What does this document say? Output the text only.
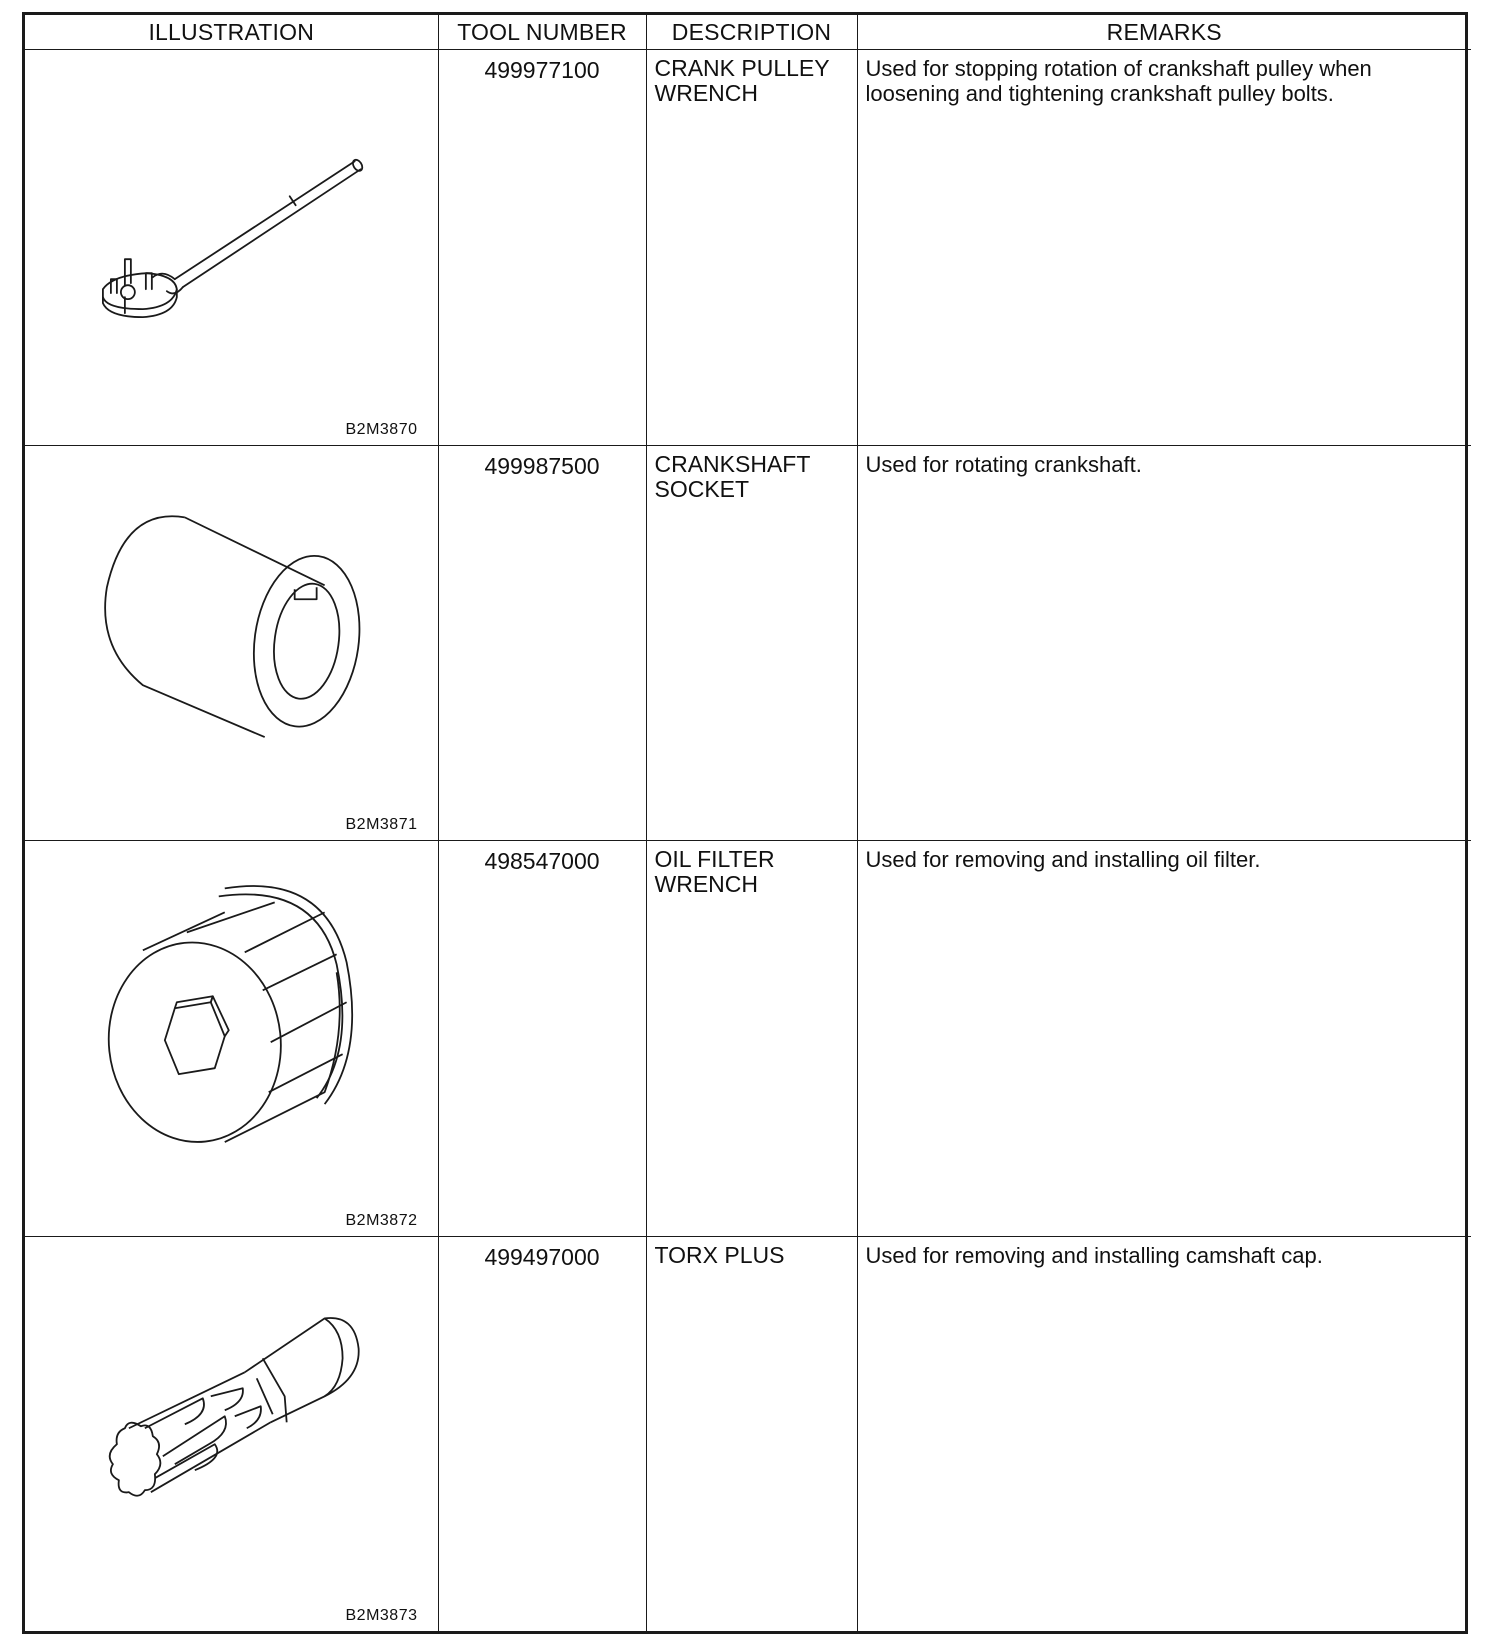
ILLUSTRATION	TOOL NUMBER	DESCRIPTION	REMARKS

B2M3870	499977100	CRANK PULLEY WRENCH	Used for stopping rotation of crankshaft pulley when loosening and tightening crankshaft pulley bolts.

B2M3871	499987500	CRANKSHAFT SOCKET	Used for rotating crankshaft.

B2M3872	498547000	OIL FILTER WRENCH	Used for removing and installing oil filter.

B2M3873	499497000	TORX PLUS	Used for removing and installing camshaft cap.
